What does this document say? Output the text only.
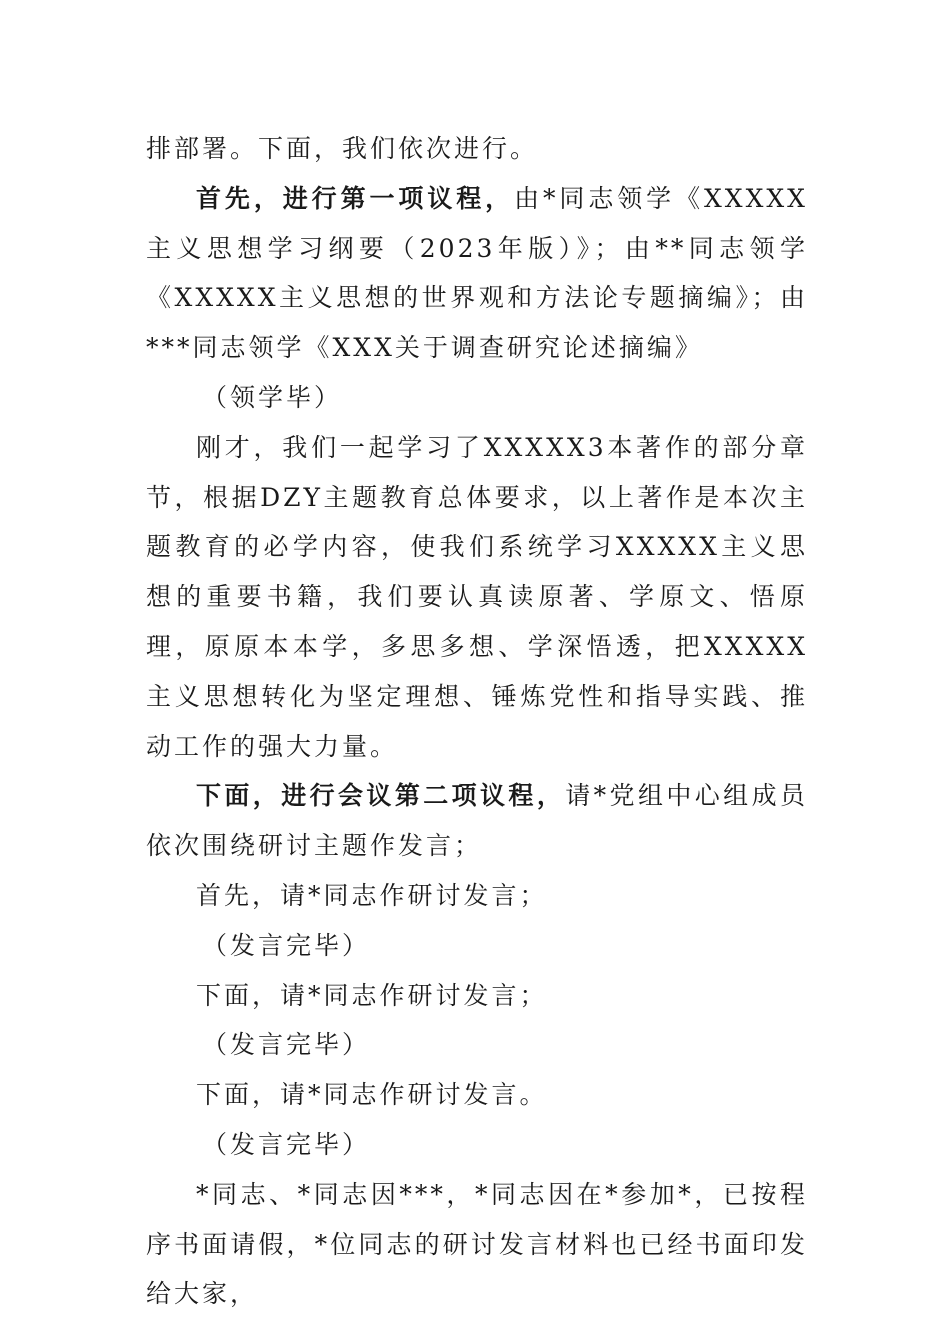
排部署。下面，我们依次进行。

首先，进行第一项议程，由*同志领学《XXXXX主义思想学习纲要（2023年版）》；由**同志领学《XXXXX主义思想的世界观和方法论专题摘编》；由***同志领学《XXX关于调查研究论述摘编》

（领学毕）

刚才，我们一起学习了XXXXX3本著作的部分章节，根据DZY主题教育总体要求，以上著作是本次主题教育的必学内容，使我们系统学习XXXXX主义思想的重要书籍，我们要认真读原著、学原文、悟原理，原原本本学，多思多想、学深悟透，把XXXXX主义思想转化为坚定理想、锤炼党性和指导实践、推动工作的强大力量。

下面，进行会议第二项议程，请*党组中心组成员依次围绕研讨主题作发言；

首先，请*同志作研讨发言；

（发言完毕）

下面，请*同志作研讨发言；

（发言完毕）

下面，请*同志作研讨发言。

（发言完毕）

*同志、*同志因***，*同志因在*参加*，已按程序书面请假，*位同志的研讨发言材料也已经书面印发给大家，
